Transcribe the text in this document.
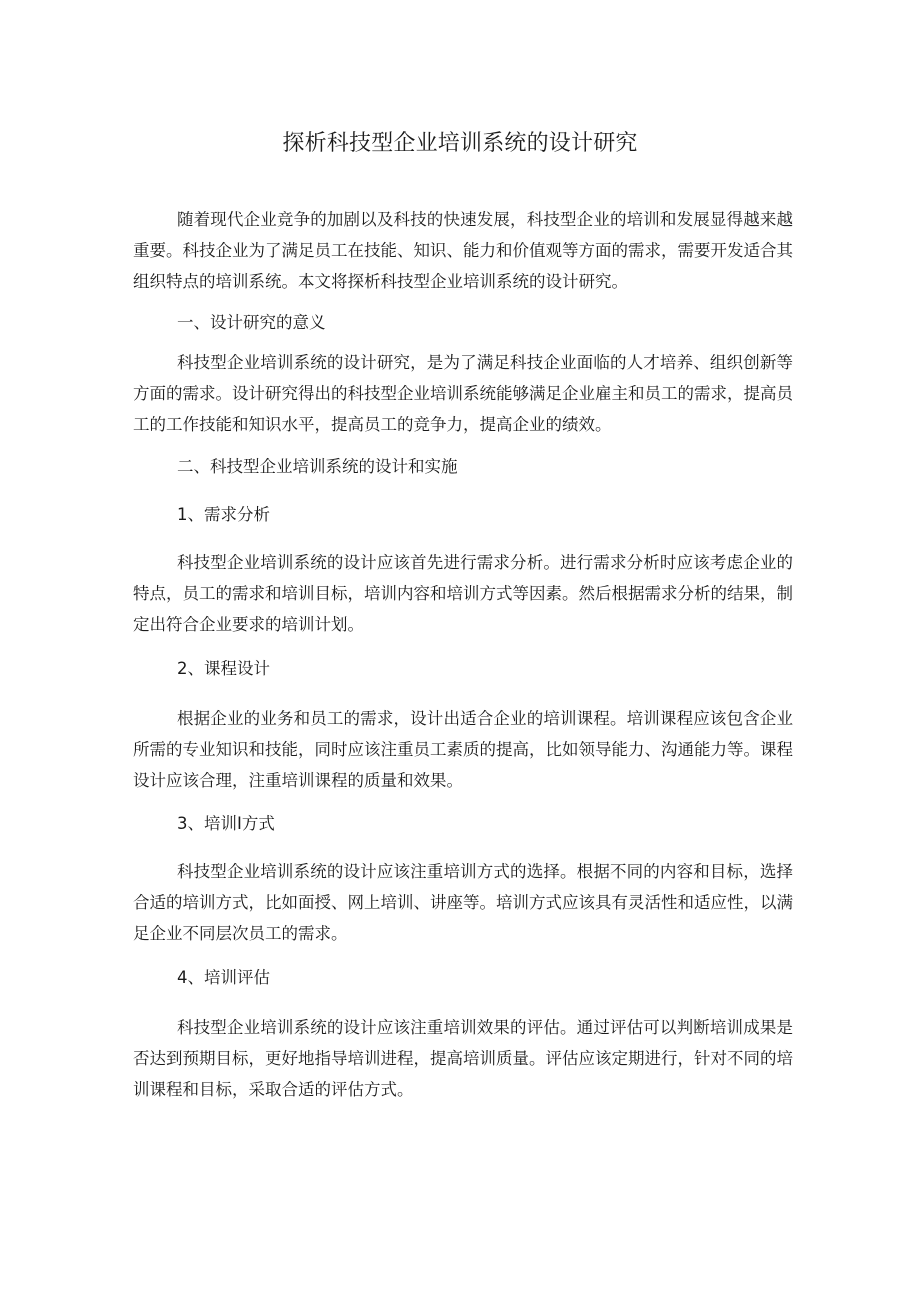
探析科技型企业培训系统的设计研究

随着现代企业竞争的加剧以及科技的快速发展，科技型企业的培训和发展显得越来越重要。科技企业为了满足员工在技能、知识、能力和价值观等方面的需求，需要开发适合其组织特点的培训系统。本文将探析科技型企业培训系统的设计研究。

一、设计研究的意义

科技型企业培训系统的设计研究，是为了满足科技企业面临的人才培养、组织创新等方面的需求。设计研究得出的科技型企业培训系统能够满足企业雇主和员工的需求，提高员工的工作技能和知识水平，提高员工的竞争力，提高企业的绩效。

二、科技型企业培训系统的设计和实施
1、需求分析

科技型企业培训系统的设计应该首先进行需求分析。进行需求分析时应该考虑企业的特点，员工的需求和培训目标，培训内容和培训方式等因素。然后根据需求分析的结果，制定出符合企业要求的培训计划。

2、课程设计

根据企业的业务和员工的需求，设计出适合企业的培训课程。培训课程应该包含企业所需的专业知识和技能，同时应该注重员工素质的提高，比如领导能力、沟通能力等。课程设计应该合理，注重培训课程的质量和效果。

3、培训I方式

科技型企业培训系统的设计应该注重培训方式的选择。根据不同的内容和目标，选择合适的培训方式，比如面授、网上培训、讲座等。培训方式应该具有灵活性和适应性，以满足企业不同层次员工的需求。

4、培训评估

科技型企业培训系统的设计应该注重培训效果的评估。通过评估可以判断培训成果是否达到预期目标，更好地指导培训进程，提高培训质量。评估应该定期进行，针对不同的培训课程和目标，采取合适的评估方式。
